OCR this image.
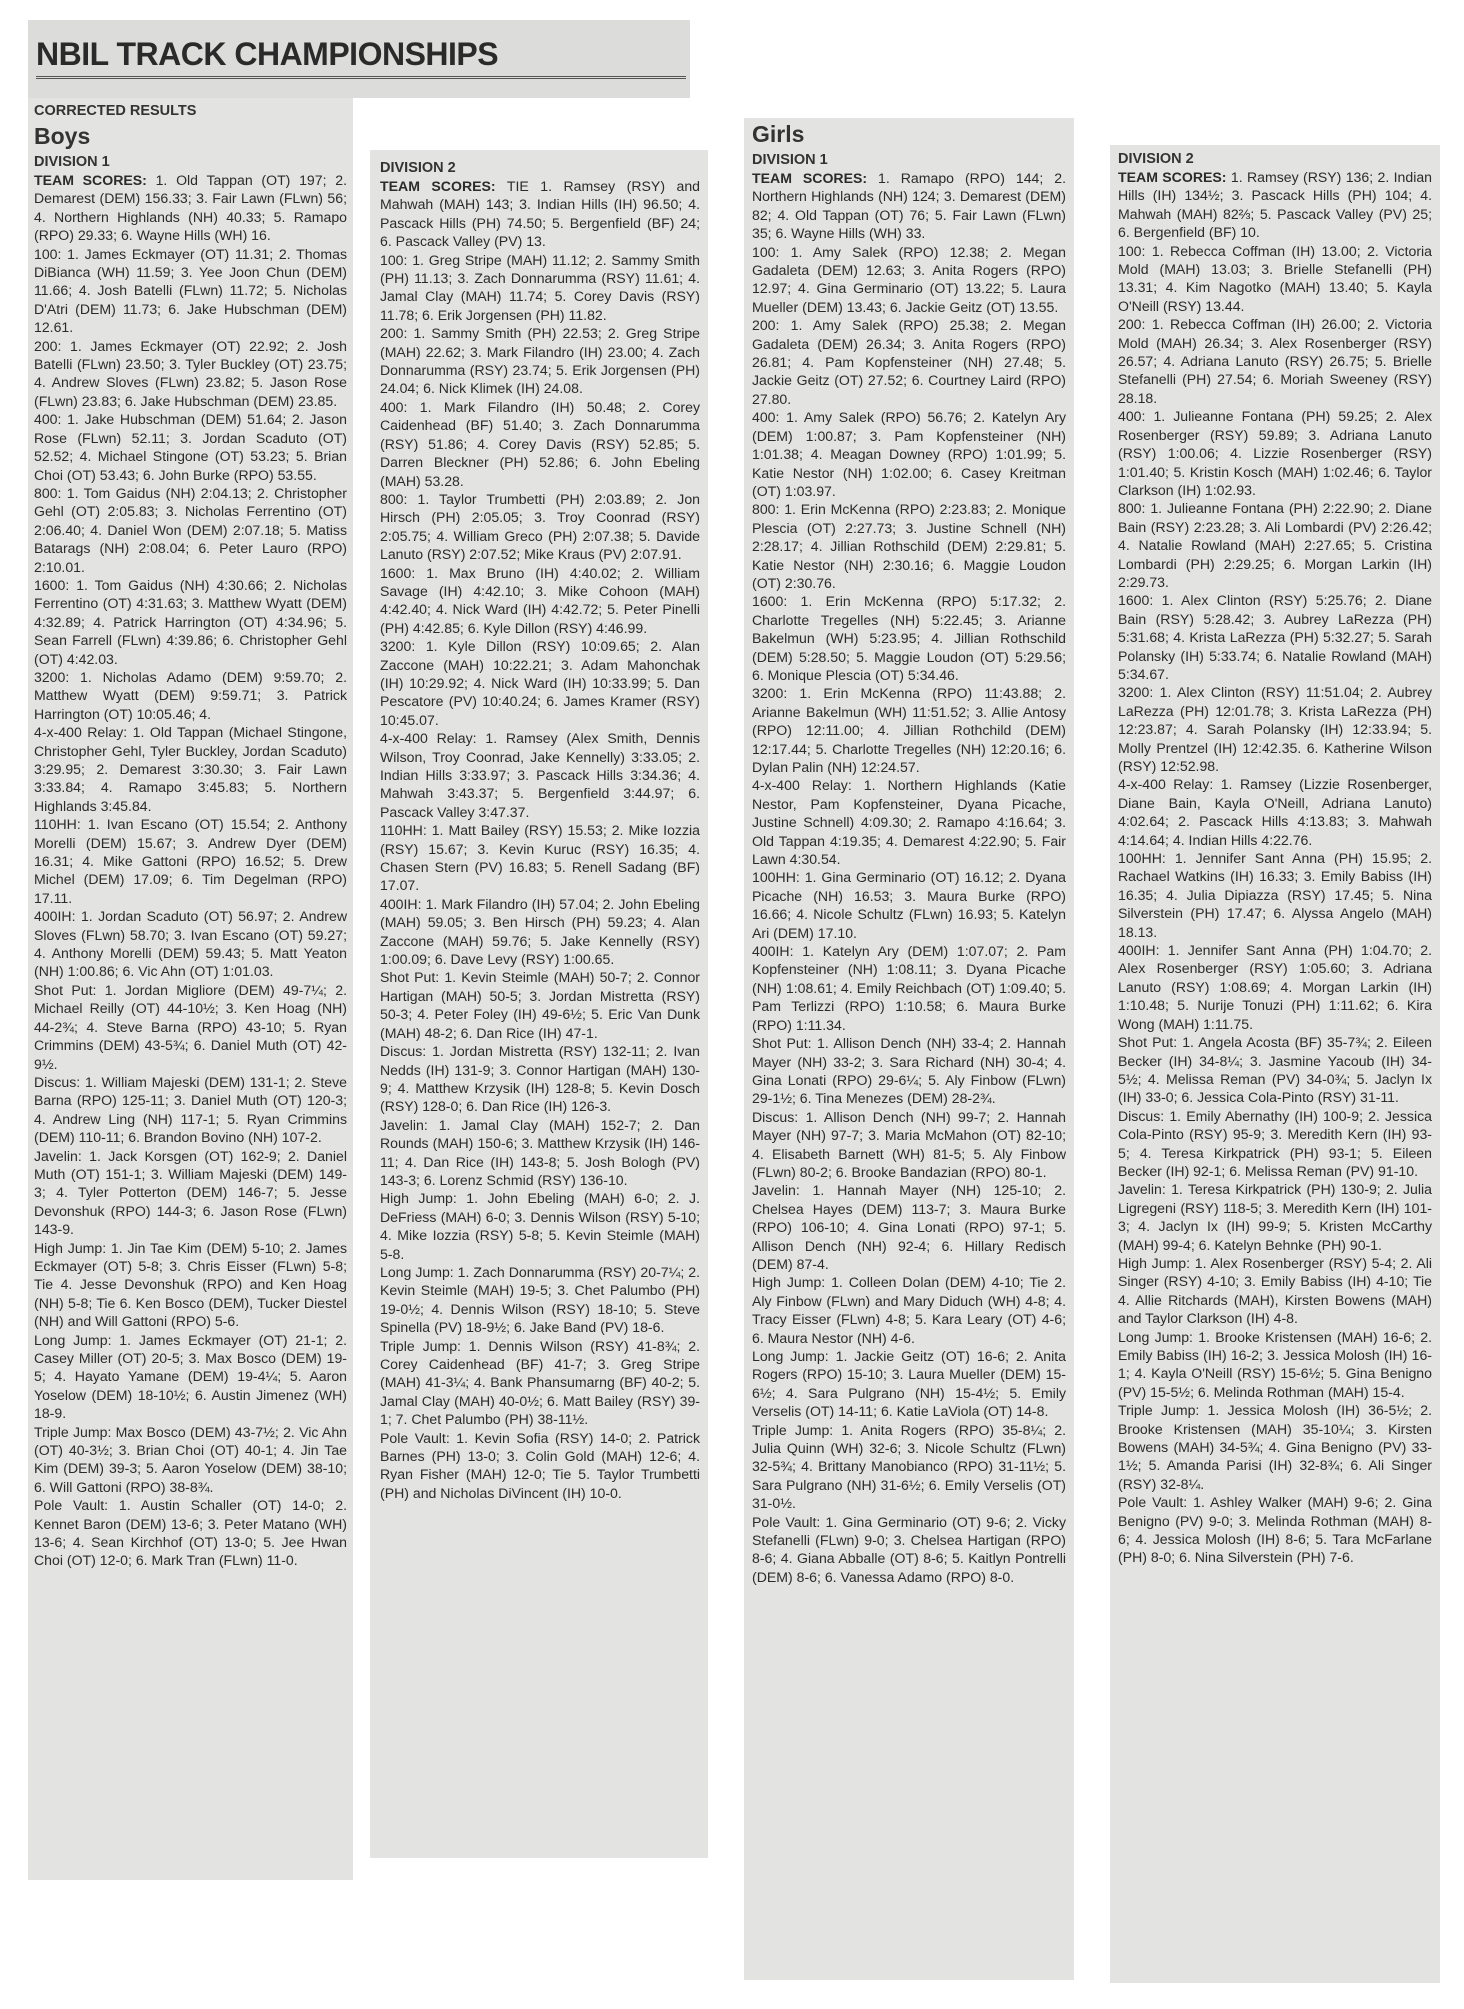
NBIL TRACK CHAMPIONSHIPS

CORRECTED RESULTS

Boys
DIVISION 1

TEAM SCORES: 1. Old Tappan (OT) 197; 2. Demarest (DEM) 156.33; 3. Fair Lawn (FLwn) 56; 4. Northern Highlands (NH) 40.33; 5. Ramapo (RPO) 29.33; 6. Wayne Hills (WH) 16.

100: 1. James Eckmayer (OT) 11.31; 2. Thomas DiBianca (WH) 11.59; 3. Yee Joon Chun (DEM) 11.66; 4. Josh Batelli (FLwn) 11.72; 5. Nicholas D'Atri (DEM) 11.73; 6. Jake Hubschman (DEM) 12.61.

200: 1. James Eckmayer (OT) 22.92; 2. Josh Batelli (FLwn) 23.50; 3. Tyler Buckley (OT) 23.75; 4. Andrew Sloves (FLwn) 23.82; 5. Jason Rose (FLwn) 23.83; 6. Jake Hubschman (DEM) 23.85.

400: 1. Jake Hubschman (DEM) 51.64; 2. Jason Rose (FLwn) 52.11; 3. Jordan Scaduto (OT) 52.52; 4. Michael Stingone (OT) 53.23; 5. Brian Choi (OT) 53.43; 6. John Burke (RPO) 53.55.

800: 1. Tom Gaidus (NH) 2:04.13; 2. Christopher Gehl (OT) 2:05.83; 3. Nicholas Ferrentino (OT) 2:06.40; 4. Daniel Won (DEM) 2:07.18; 5. Matiss Batarags (NH) 2:08.04; 6. Peter Lauro (RPO) 2:10.01.

1600: 1. Tom Gaidus (NH) 4:30.66; 2. Nicholas Ferrentino (OT) 4:31.63; 3. Matthew Wyatt (DEM) 4:32.89; 4. Patrick Harrington (OT) 4:34.96; 5. Sean Farrell (FLwn) 4:39.86; 6. Christopher Gehl (OT) 4:42.03.

3200: 1. Nicholas Adamo (DEM) 9:59.70; 2. Matthew Wyatt (DEM) 9:59.71; 3. Patrick Harrington (OT) 10:05.46; 4.

4-x-400 Relay: 1. Old Tappan (Michael Stingone, Christopher Gehl, Tyler Buckley, Jordan Scaduto) 3:29.95; 2. Demarest 3:30.30; 3. Fair Lawn 3:33.84; 4. Ramapo 3:45.83; 5. Northern Highlands 3:45.84.

110HH: 1. Ivan Escano (OT) 15.54; 2. Anthony Morelli (DEM) 15.67; 3. Andrew Dyer (DEM) 16.31; 4. Mike Gattoni (RPO) 16.52; 5. Drew Michel (DEM) 17.09; 6. Tim Degelman (RPO) 17.11.

400IH: 1. Jordan Scaduto (OT) 56.97; 2. Andrew Sloves (FLwn) 58.70; 3. Ivan Escano (OT) 59.27; 4. Anthony Morelli (DEM) 59.43; 5. Matt Yeaton (NH) 1:00.86; 6. Vic Ahn (OT) 1:01.03.

Shot Put: 1. Jordan Migliore (DEM) 49-7¼; 2. Michael Reilly (OT) 44-10½; 3. Ken Hoag (NH) 44-2¾; 4. Steve Barna (RPO) 43-10; 5. Ryan Crimmins (DEM) 43-5¾; 6. Daniel Muth (OT) 42-9½.

Discus: 1. William Majeski (DEM) 131-1; 2. Steve Barna (RPO) 125-11; 3. Daniel Muth (OT) 120-3; 4. Andrew Ling (NH) 117-1; 5. Ryan Crimmins (DEM) 110-11; 6. Brandon Bovino (NH) 107-2.

Javelin: 1. Jack Korsgen (OT) 162-9; 2. Daniel Muth (OT) 151-1; 3. William Majeski (DEM) 149-3; 4. Tyler Potterton (DEM) 146-7; 5. Jesse Devonshuk (RPO) 144-3; 6. Jason Rose (FLwn) 143-9.

High Jump: 1. Jin Tae Kim (DEM) 5-10; 2. James Eckmayer (OT) 5-8; 3. Chris Eisser (FLwn) 5-8; Tie 4. Jesse Devonshuk (RPO) and Ken Hoag (NH) 5-8; Tie 6. Ken Bosco (DEM), Tucker Diestel (NH) and Will Gattoni (RPO) 5-6.

Long Jump: 1. James Eckmayer (OT) 21-1; 2. Casey Miller (OT) 20-5; 3. Max Bosco (DEM) 19-5; 4. Hayato Yamane (DEM) 19-4¼; 5. Aaron Yoselow (DEM) 18-10½; 6. Austin Jimenez (WH) 18-9.

Triple Jump: Max Bosco (DEM) 43-7½; 2. Vic Ahn (OT) 40-3½; 3. Brian Choi (OT) 40-1; 4. Jin Tae Kim (DEM) 39-3; 5. Aaron Yoselow (DEM) 38-10; 6. Will Gattoni (RPO) 38-8¾.

Pole Vault: 1. Austin Schaller (OT) 14-0; 2. Kennet Baron (DEM) 13-6; 3. Peter Matano (WH) 13-6; 4. Sean Kirchhof (OT) 13-0; 5. Jee Hwan Choi (OT) 12-0; 6. Mark Tran (FLwn) 11-0.

DIVISION 2

TEAM SCORES: TIE 1. Ramsey (RSY) and Mahwah (MAH) 143; 3. Indian Hills (IH) 96.50; 4. Pascack Hills (PH) 74.50; 5. Bergenfield (BF) 24; 6. Pascack Valley (PV) 13.

100: 1. Greg Stripe (MAH) 11.12; 2. Sammy Smith (PH) 11.13; 3. Zach Donnarumma (RSY) 11.61; 4. Jamal Clay (MAH) 11.74; 5. Corey Davis (RSY) 11.78; 6. Erik Jorgensen (PH) 11.82.

200: 1. Sammy Smith (PH) 22.53; 2. Greg Stripe (MAH) 22.62; 3. Mark Filandro (IH) 23.00; 4. Zach Donnarumma (RSY) 23.74; 5. Erik Jorgensen (PH) 24.04; 6. Nick Klimek (IH) 24.08.

400: 1. Mark Filandro (IH) 50.48; 2. Corey Caidenhead (BF) 51.40; 3. Zach Donnarumma (RSY) 51.86; 4. Corey Davis (RSY) 52.85; 5. Darren Bleckner (PH) 52.86; 6. John Ebeling (MAH) 53.28.

800: 1. Taylor Trumbetti (PH) 2:03.89; 2. Jon Hirsch (PH) 2:05.05; 3. Troy Coonrad (RSY) 2:05.75; 4. William Greco (PH) 2:07.38; 5. Davide Lanuto (RSY) 2:07.52; Mike Kraus (PV) 2:07.91.

1600: 1. Max Bruno (IH) 4:40.02; 2. William Savage (IH) 4:42.10; 3. Mike Cohoon (MAH) 4:42.40; 4. Nick Ward (IH) 4:42.72; 5. Peter Pinelli (PH) 4:42.85; 6. Kyle Dillon (RSY) 4:46.99.

3200: 1. Kyle Dillon (RSY) 10:09.65; 2. Alan Zaccone (MAH) 10:22.21; 3. Adam Mahonchak (IH) 10:29.92; 4. Nick Ward (IH) 10:33.99; 5. Dan Pescatore (PV) 10:40.24; 6. James Kramer (RSY) 10:45.07.

4-x-400 Relay: 1. Ramsey (Alex Smith, Dennis Wilson, Troy Coonrad, Jake Kennelly) 3:33.05; 2. Indian Hills 3:33.97; 3. Pascack Hills 3:34.36; 4. Mahwah 3:43.37; 5. Bergenfield 3:44.97; 6. Pascack Valley 3:47.37.

110HH: 1. Matt Bailey (RSY) 15.53; 2. Mike Iozzia (RSY) 15.67; 3. Kevin Kuruc (RSY) 16.35; 4. Chasen Stern (PV) 16.83; 5. Renell Sadang (BF) 17.07.

400IH: 1. Mark Filandro (IH) 57.04; 2. John Ebeling (MAH) 59.05; 3. Ben Hirsch (PH) 59.23; 4. Alan Zaccone (MAH) 59.76; 5. Jake Kennelly (RSY) 1:00.09; 6. Dave Levy (RSY) 1:00.65.

Shot Put: 1. Kevin Steimle (MAH) 50-7; 2. Connor Hartigan (MAH) 50-5; 3. Jordan Mistretta (RSY) 50-3; 4. Peter Foley (IH) 49-6½; 5. Eric Van Dunk (MAH) 48-2; 6. Dan Rice (IH) 47-1.

Discus: 1. Jordan Mistretta (RSY) 132-11; 2. Ivan Nedds (IH) 131-9; 3. Connor Hartigan (MAH) 130-9; 4. Matthew Krzysik (IH) 128-8; 5. Kevin Dosch (RSY) 128-0; 6. Dan Rice (IH) 126-3.

Javelin: 1. Jamal Clay (MAH) 152-7; 2. Dan Rounds (MAH) 150-6; 3. Matthew Krzysik (IH) 146-11; 4. Dan Rice (IH) 143-8; 5. Josh Bologh (PV) 143-3; 6. Lorenz Schmid (RSY) 136-10.

High Jump: 1. John Ebeling (MAH) 6-0; 2. J. DeFriess (MAH) 6-0; 3. Dennis Wilson (RSY) 5-10; 4. Mike Iozzia (RSY) 5-8; 5. Kevin Steimle (MAH) 5-8.

Long Jump: 1. Zach Donnarumma (RSY) 20-7¼; 2. Kevin Steimle (MAH) 19-5; 3. Chet Palumbo (PH) 19-0½; 4. Dennis Wilson (RSY) 18-10; 5. Steve Spinella (PV) 18-9½; 6. Jake Band (PV) 18-6.

Triple Jump: 1. Dennis Wilson (RSY) 41-8¾; 2. Corey Caidenhead (BF) 41-7; 3. Greg Stripe (MAH) 41-3¼; 4. Bank Phansumarng (BF) 40-2; 5. Jamal Clay (MAH) 40-0½; 6. Matt Bailey (RSY) 39-1; 7. Chet Palumbo (PH) 38-11½.

Pole Vault: 1. Kevin Sofia (RSY) 14-0; 2. Patrick Barnes (PH) 13-0; 3. Colin Gold (MAH) 12-6; 4. Ryan Fisher (MAH) 12-0; Tie 5. Taylor Trumbetti (PH) and Nicholas DiVincent (IH) 10-0.

Girls
DIVISION 1

TEAM SCORES: 1. Ramapo (RPO) 144; 2. Northern Highlands (NH) 124; 3. Demarest (DEM) 82; 4. Old Tappan (OT) 76; 5. Fair Lawn (FLwn) 35; 6. Wayne Hills (WH) 33.

100: 1. Amy Salek (RPO) 12.38; 2. Megan Gadaleta (DEM) 12.63; 3. Anita Rogers (RPO) 12.97; 4. Gina Germinario (OT) 13.22; 5. Laura Mueller (DEM) 13.43; 6. Jackie Geitz (OT) 13.55.

200: 1. Amy Salek (RPO) 25.38; 2. Megan Gadaleta (DEM) 26.34; 3. Anita Rogers (RPO) 26.81; 4. Pam Kopfensteiner (NH) 27.48; 5. Jackie Geitz (OT) 27.52; 6. Courtney Laird (RPO) 27.80.

400: 1. Amy Salek (RPO) 56.76; 2. Katelyn Ary (DEM) 1:00.87; 3. Pam Kopfensteiner (NH) 1:01.38; 4. Meagan Downey (RPO) 1:01.99; 5. Katie Nestor (NH) 1:02.00; 6. Casey Kreitman (OT) 1:03.97.

800: 1. Erin McKenna (RPO) 2:23.83; 2. Monique Plescia (OT) 2:27.73; 3. Justine Schnell (NH) 2:28.17; 4. Jillian Rothschild (DEM) 2:29.81; 5. Katie Nestor (NH) 2:30.16; 6. Maggie Loudon (OT) 2:30.76.

1600: 1. Erin McKenna (RPO) 5:17.32; 2. Charlotte Tregelles (NH) 5:22.45; 3. Arianne Bakelmun (WH) 5:23.95; 4. Jillian Rothschild (DEM) 5:28.50; 5. Maggie Loudon (OT) 5:29.56; 6. Monique Plescia (OT) 5:34.46.

3200: 1. Erin McKenna (RPO) 11:43.88; 2. Arianne Bakelmun (WH) 11:51.52; 3. Allie Antosy (RPO) 12:11.00; 4. Jillian Rothchild (DEM) 12:17.44; 5. Charlotte Tregelles (NH) 12:20.16; 6. Dylan Palin (NH) 12:24.57.

4-x-400 Relay: 1. Northern Highlands (Katie Nestor, Pam Kopfensteiner, Dyana Picache, Justine Schnell) 4:09.30; 2. Ramapo 4:16.64; 3. Old Tappan 4:19.35; 4. Demarest 4:22.90; 5. Fair Lawn 4:30.54.

100HH: 1. Gina Germinario (OT) 16.12; 2. Dyana Picache (NH) 16.53; 3. Maura Burke (RPO) 16.66; 4. Nicole Schultz (FLwn) 16.93; 5. Katelyn Ari (DEM) 17.10.

400IH: 1. Katelyn Ary (DEM) 1:07.07; 2. Pam Kopfensteiner (NH) 1:08.11; 3. Dyana Picache (NH) 1:08.61; 4. Emily Reichbach (OT) 1:09.40; 5. Pam Terlizzi (RPO) 1:10.58; 6. Maura Burke (RPO) 1:11.34.

Shot Put: 1. Allison Dench (NH) 33-4; 2. Hannah Mayer (NH) 33-2; 3. Sara Richard (NH) 30-4; 4. Gina Lonati (RPO) 29-6¼; 5. Aly Finbow (FLwn) 29-1½; 6. Tina Menezes (DEM) 28-2¾.

Discus: 1. Allison Dench (NH) 99-7; 2. Hannah Mayer (NH) 97-7; 3. Maria McMahon (OT) 82-10; 4. Elisabeth Barnett (WH) 81-5; 5. Aly Finbow (FLwn) 80-2; 6. Brooke Bandazian (RPO) 80-1.

Javelin: 1. Hannah Mayer (NH) 125-10; 2. Chelsea Hayes (DEM) 113-7; 3. Maura Burke (RPO) 106-10; 4. Gina Lonati (RPO) 97-1; 5. Allison Dench (NH) 92-4; 6. Hillary Redisch (DEM) 87-4.

High Jump: 1. Colleen Dolan (DEM) 4-10; Tie 2. Aly Finbow (FLwn) and Mary Diduch (WH) 4-8; 4. Tracy Eisser (FLwn) 4-8; 5. Kara Leary (OT) 4-6; 6. Maura Nestor (NH) 4-6.

Long Jump: 1. Jackie Geitz (OT) 16-6; 2. Anita Rogers (RPO) 15-10; 3. Laura Mueller (DEM) 15-6½; 4. Sara Pulgrano (NH) 15-4½; 5. Emily Verselis (OT) 14-11; 6. Katie LaViola (OT) 14-8.

Triple Jump: 1. Anita Rogers (RPO) 35-8¼; 2. Julia Quinn (WH) 32-6; 3. Nicole Schultz (FLwn) 32-5¾; 4. Brittany Manobianco (RPO) 31-11½; 5. Sara Pulgrano (NH) 31-6½; 6. Emily Verselis (OT) 31-0½.

Pole Vault: 1. Gina Germinario (OT) 9-6; 2. Vicky Stefanelli (FLwn) 9-0; 3. Chelsea Hartigan (RPO) 8-6; 4. Giana Abballe (OT) 8-6; 5. Kaitlyn Pontrelli (DEM) 8-6; 6. Vanessa Adamo (RPO) 8-0.

DIVISION 2

TEAM SCORES: 1. Ramsey (RSY) 136; 2. Indian Hills (IH) 134½; 3. Pascack Hills (PH) 104; 4. Mahwah (MAH) 82⅔; 5. Pascack Valley (PV) 25; 6. Bergenfield (BF) 10.

100: 1. Rebecca Coffman (IH) 13.00; 2. Victoria Mold (MAH) 13.03; 3. Brielle Stefanelli (PH) 13.31; 4. Kim Nagotko (MAH) 13.40; 5. Kayla O'Neill (RSY) 13.44.

200: 1. Rebecca Coffman (IH) 26.00; 2. Victoria Mold (MAH) 26.34; 3. Alex Rosenberger (RSY) 26.57; 4. Adriana Lanuto (RSY) 26.75; 5. Brielle Stefanelli (PH) 27.54; 6. Moriah Sweeney (RSY) 28.18.

400: 1. Julieanne Fontana (PH) 59.25; 2. Alex Rosenberger (RSY) 59.89; 3. Adriana Lanuto (RSY) 1:00.06; 4. Lizzie Rosenberger (RSY) 1:01.40; 5. Kristin Kosch (MAH) 1:02.46; 6. Taylor Clarkson (IH) 1:02.93.

800: 1. Julieanne Fontana (PH) 2:22.90; 2. Diane Bain (RSY) 2:23.28; 3. Ali Lombardi (PV) 2:26.42; 4. Natalie Rowland (MAH) 2:27.65; 5. Cristina Lombardi (PH) 2:29.25; 6. Morgan Larkin (IH) 2:29.73.

1600: 1. Alex Clinton (RSY) 5:25.76; 2. Diane Bain (RSY) 5:28.42; 3. Aubrey LaRezza (PH) 5:31.68; 4. Krista LaRezza (PH) 5:32.27; 5. Sarah Polansky (IH) 5:33.74; 6. Natalie Rowland (MAH) 5:34.67.

3200: 1. Alex Clinton (RSY) 11:51.04; 2. Aubrey LaRezza (PH) 12:01.78; 3. Krista LaRezza (PH) 12:23.87; 4. Sarah Polansky (IH) 12:33.94; 5. Molly Prentzel (IH) 12:42.35. 6. Katherine Wilson (RSY) 12:52.98.

4-x-400 Relay: 1. Ramsey (Lizzie Rosenberger, Diane Bain, Kayla O'Neill, Adriana Lanuto) 4:02.64; 2. Pascack Hills 4:13.83; 3. Mahwah 4:14.64; 4. Indian Hills 4:22.76.

100HH: 1. Jennifer Sant Anna (PH) 15.95; 2. Rachael Watkins (IH) 16.33; 3. Emily Babiss (IH) 16.35; 4. Julia Dipiazza (RSY) 17.45; 5. Nina Silverstein (PH) 17.47; 6. Alyssa Angelo (MAH) 18.13.

400IH: 1. Jennifer Sant Anna (PH) 1:04.70; 2. Alex Rosenberger (RSY) 1:05.60; 3. Adriana Lanuto (RSY) 1:08.69; 4. Morgan Larkin (IH) 1:10.48; 5. Nurije Tonuzi (PH) 1:11.62; 6. Kira Wong (MAH) 1:11.75.

Shot Put: 1. Angela Acosta (BF) 35-7¾; 2. Eileen Becker (IH) 34-8¼; 3. Jasmine Yacoub (IH) 34-5½; 4. Melissa Reman (PV) 34-0¾; 5. Jaclyn Ix (IH) 33-0; 6. Jessica Cola-Pinto (RSY) 31-11.

Discus: 1. Emily Abernathy (IH) 100-9; 2. Jessica Cola-Pinto (RSY) 95-9; 3. Meredith Kern (IH) 93-5; 4. Teresa Kirkpatrick (PH) 93-1; 5. Eileen Becker (IH) 92-1; 6. Melissa Reman (PV) 91-10.

Javelin: 1. Teresa Kirkpatrick (PH) 130-9; 2. Julia Ligregeni (RSY) 118-5; 3. Meredith Kern (IH) 101-3; 4. Jaclyn Ix (IH) 99-9; 5. Kristen McCarthy (MAH) 99-4; 6. Katelyn Behnke (PH) 90-1.

High Jump: 1. Alex Rosenberger (RSY) 5-4; 2. Ali Singer (RSY) 4-10; 3. Emily Babiss (IH) 4-10; Tie 4. Allie Ritchards (MAH), Kirsten Bowens (MAH) and Taylor Clarkson (IH) 4-8.

Long Jump: 1. Brooke Kristensen (MAH) 16-6; 2. Emily Babiss (IH) 16-2; 3. Jessica Molosh (IH) 16-1; 4. Kayla O'Neill (RSY) 15-6½; 5. Gina Benigno (PV) 15-5½; 6. Melinda Rothman (MAH) 15-4.

Triple Jump: 1. Jessica Molosh (IH) 36-5½; 2. Brooke Kristensen (MAH) 35-10¼; 3. Kirsten Bowens (MAH) 34-5¾; 4. Gina Benigno (PV) 33-1½; 5. Amanda Parisi (IH) 32-8¾; 6. Ali Singer (RSY) 32-8¼.

Pole Vault: 1. Ashley Walker (MAH) 9-6; 2. Gina Benigno (PV) 9-0; 3. Melinda Rothman (MAH) 8-6; 4. Jessica Molosh (IH) 8-6; 5. Tara McFarlane (PH) 8-0; 6. Nina Silverstein (PH) 7-6.
